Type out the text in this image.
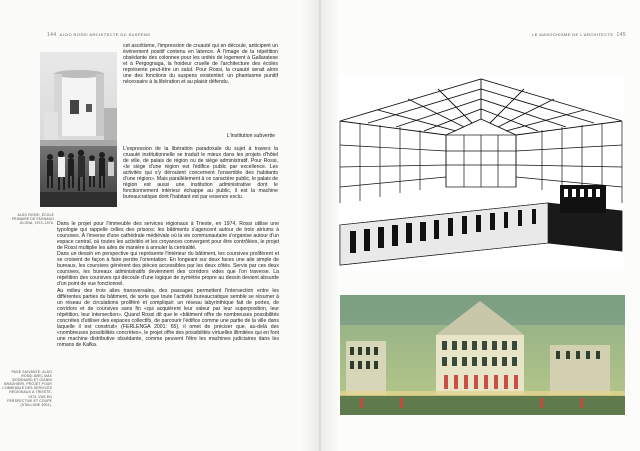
144 ALDO ROSSI ARCHITECTE DU SUSPENS
ALDO ROSSI, ÉCOLE PRIMAIRE DE FAGNANO OLONA, 1972–1976.
PAGE SUIVANTE: ALDO ROSSI AVEC MAX BOSSHARD ET GIANNI BRAGHIERI, PROJET POUR L'IMMEUBLE DES SERVICES RÉGIONAUX À TRIESTE, 1974. VUE EN PERSPECTIVE ET COUPE (STALLONE 2001).

cet ascétisme, l'impression de cruauté qui en découle, anticipent un événement positif contenu en latence. À l'image de la répétition obsédante des colonnes pour les unités de logement à Gallaratese et à Pergognaga, la froideur cruelle de l'architecture des écoles représente peut-être un salut. Pour Rossi, la cruauté serait alors une des fonctions du suspens existentiel: un phantasme punitif nécessaire à la libération et au plaisir défendu.

L'institution subvertie

L'expression de la libération paradoxale du sujet à travers la cruauté institutionnelle se traduit le mieux dans les projets d'hôtel de ville, de palais de région ou de siège administratif. Pour Rossi, «le siège d'une région est l'édifice public par excellence. Les activités qui s'y déroulent concernent l'ensemble des habitants d'une région». Mais parallèlement à ce caractère public, le palais de région est aussi une institution administrative dont le fonctionnement intérieur échappe au public, il est la machine bureaucratique dont l'habitant est par essence exclu.

Dans le projet pour l'immeuble des services régionaux à Trieste, en 1974, Rossi utilise une typologie qui rappelle celles des prisons: les bâtiments s'agencent autour de trois atriums à coursives. À l'inverse d'une cathédrale médiévale où la vie communautaire s'organise autour d'un espace central, où toutes les activités et les croyances convergent pour être contrôlées, le projet de Rossi multiplie les ailes de manière à annuler la centralité.

Dans un dessin en perspective qui représente l'intérieur du bâtiment, les coursives prolifèrent et se croisent de façon à faire perdre l'orientation. En longeant sur deux faces une aile simple de bureaux, les coursives génèrent des pièces accessibles par les deux côtés. Servis par ces deux coursives, les bureaux administratifs deviennent des corridors vides que l'on traverse. La répétition des coursives qui découle d'une logique de symétrie propre au dessin devient absurde d'un point de vue fonctionnel.

Au milieu des trois ailes transversales, des passages permettent l'intersection entre les différentes parties du bâtiment, de sorte que toute l'activité bureaucratique semble se résumer à un réseau de circulations proliféré et compliqué: un réseau labyrinthique fait de portes, de corridors et de coursives sans fin «qui acquièrent leur valeur par leur superposition, leur répétition, leur intersection». Quand Rossi dit que le «bâtiment offre de nombreuses possibilités concrètes d'utiliser des espaces collectifs, de parcourir l'édifice comme une partie de la ville dans laquelle il est construit» (FERLENGA 2001: 65), il omet de préciser que, au-delà des «nombreuses possibilités concrètes», le projet offre des possibilités virtuelles illimitées qui en font une machine distributive obsédante, comme peuvent l'être les machines judiciaires dans les romans de Kafka.

LE MASOCHISME DE L'ARCHITECTE 145
